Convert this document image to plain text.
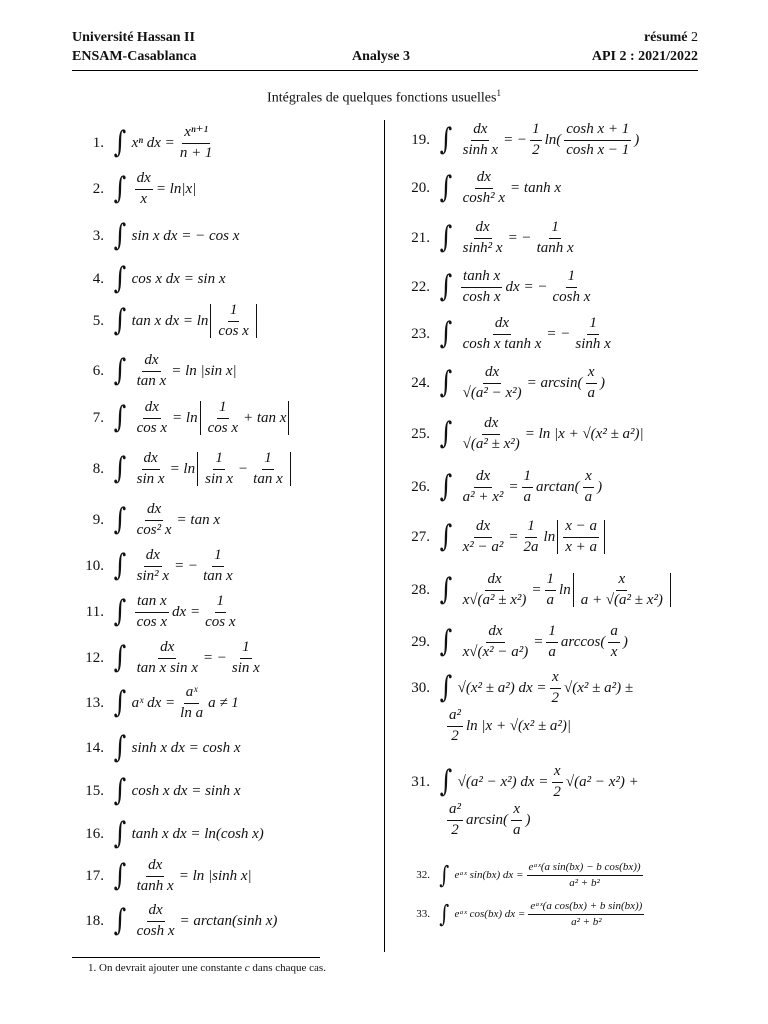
Université Hassan II
ENSAM-Casablanca	Analyse 3
résumé 2
API 2 : 2021/2022
Intégrales de quelques fonctions usuelles$^1$
1. ∫ xⁿ dx = $\frac{\text{xⁿ⁺¹}}{n + 1}$
2. ∫ $\frac{dx}{x} = \ln|x|$
3. ∫ sin x dx = − cos x
4. ∫ cos x dx = sin x
5. ∫ tan x dx = $\ln \frac{1}{\text{cos x}}$
6. ∫ $\frac{dx}{\text{tan x}} = \ln |\sin$ x|
7. ∫ $\frac{dx}{\text{cos x}} = \ln \frac{1}{\text{cos x}} + \tan x$
8. ∫ $\frac{dx}{\text{sin x}} = \ln \frac{1}{\text{sin x}} - \frac{1}{\text{tan x}}$
9. ∫ $\frac{dx}{\text{cos² x}} = \tan x$
10. ∫ $\frac{dx}{\text{sin² x}}$ = − $\frac{1}{\text{tan x}}$
11. ∫ $\frac{\text{tan x}}{\text{cos x}}$ dx = $\frac{1}{\text{cos x}}$
12. ∫ $\frac{dx}{\text{tan x sin x}}$ = − $\frac{1}{\text{sin x}}$
13. ∫ aˣ dx = $\frac{\text{aˣ}}{\text{ln a}}$ a ≠ 1
14. ∫ sinh x dx = cosh x
15. ∫ cosh x dx = sinh x
16. ∫ tanh x dx = ln(cosh x)
17. ∫ $\frac{dx}{\text{tanh x}} = \ln |\sinh$ x|
18. ∫ $\frac{dx}{\text{cosh x}} = \arctan(\sinh$ x)
19. ∫ $\frac{dx}{\text{sinh x}}$ = − $\frac{1}{2} \ln( \frac{\text{cosh x + 1}}{\text{cosh x − 1}}$ )
20. ∫ $\frac{dx}{\text{cosh² x}} = \tanh x$
21. ∫ $\frac{dx}{\text{sinh² x}}$ = − $\frac{1}{\text{tanh x}}$
22. ∫ $\frac{\text{tanh x}}{\text{cosh x}}$ dx = − $\frac{1}{\text{cosh x}}$
23. ∫ $\frac{dx}{\text{cosh x tanh x}}$ = − $\frac{1}{\text{sinh x}}$
24. ∫ $\frac{dx}{\text{√(a² − x²)}} = \arcsin( \frac{x}{a}$ )
25. ∫ $\frac{dx}{\text{√(a² ± x²)}} = \ln |x + √(x^2 \pm a^2)|$
26. ∫ $\frac{dx}{\text{a² + x²}} = \frac{1}{a} \arctan( \frac{x}{a}$ )
27. ∫ $\frac{dx}{\text{x² − a²}} = \frac{1}{2a}$ $\ln \frac{x - a}{x + a}$
28. ∫ $\frac{dx}{\text{x√(a² ± x²)}} = \frac{1}{a}$ $\ln \frac{x}{\text{a + √(a² ± x²)}}$
29. ∫ $\frac{dx}{\text{x√(x² − a²)}} = \frac{1}{a} \arccos( \frac{a}{x}$ )
30. ∫ √(x² ± a²) dx = $\frac{x}{2} √(x^2 \pm a^2)$ ±
$\frac{\text{a²}}{2}$ ln |x + √(x² ± a²)|
31. ∫ √(a² − x²) dx = $\frac{x}{2} √(a^2 - x^2)$ +
$\frac{\text{a²}}{2} \arcsin( \frac{x}{a}$ )
32. ∫ eᵃˣ sin(bx) dx = $\frac{\text{eᵃˣ(a sin(bx) − b cos(bx))}}{\text{a² + b²}}$
33. ∫ eᵃˣ cos(bx) dx = $\frac{\text{eᵃˣ(a cos(bx) + b sin(bx))}}{\text{a² + b²}}$
1. On devrait ajouter une constante c dans chaque cas.
